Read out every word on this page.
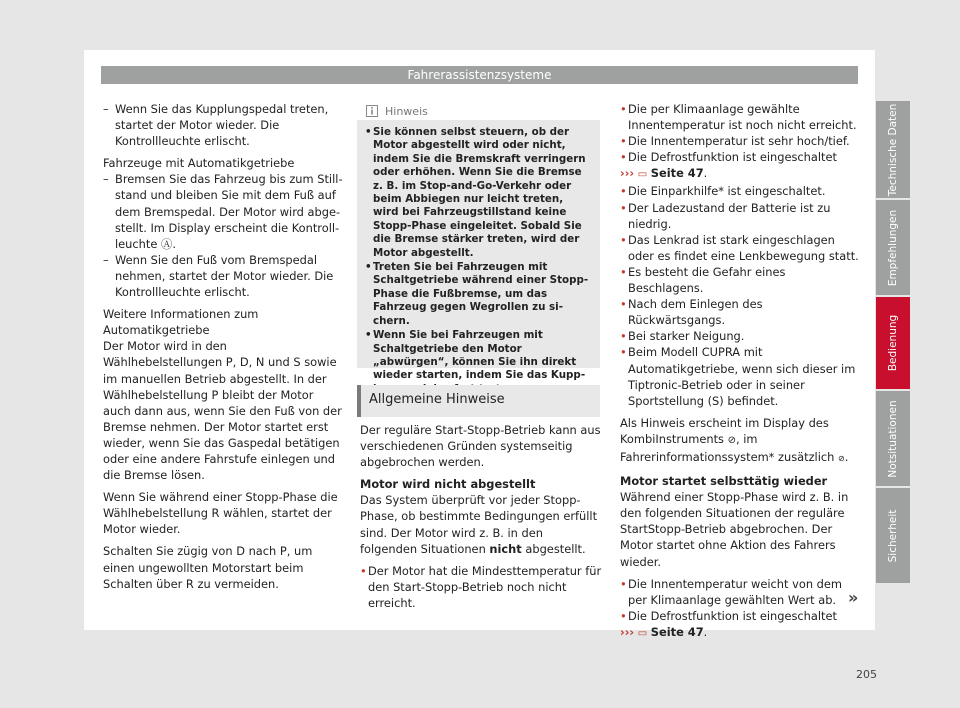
Fahrerassistenzsysteme

– Wenn Sie das Kupplungspedal treten, startet der Motor wieder. Die Kontrollleuchte erlischt.

Fahrzeuge mit Automatikgetriebe

– Bremsen Sie das Fahrzeug bis zum Stillstand und bleiben Sie mit dem Fuß auf dem Bremspedal. Der Motor wird abgestellt. Im Display erscheint die Kontrollleuchte Ⓐ.

– Wenn Sie den Fuß vom Bremspedal nehmen, startet der Motor wieder. Die Kontrollleuchte erlischt.

Weitere Informationen zum Automatikgetriebe

Der Motor wird in den Wählhebelstellungen P, D, N und S sowie im manuellen Betrieb abgestellt. In der Wählhebelstellung P bleibt der Motor auch dann aus, wenn Sie den Fuß von der Bremse nehmen. Der Motor startet erst wieder, wenn Sie das Gaspedal betätigen oder eine andere Fahrstufe einlegen und die Bremse lösen.

Wenn Sie während einer Stopp-Phase die Wählhebelstellung R wählen, startet der Motor wieder.

Schalten Sie zügig von D nach P, um einen ungewollten Motorstart beim Schalten über R zu vermeiden.

Hinweis

• Sie können selbst steuern, ob der Motor abgestellt wird oder nicht, indem Sie die Bremskraft verringern oder erhöhen. Wenn Sie die Bremse z. B. im Stop-and-Go-Verkehr oder beim Abbiegen nur leicht treten, wird bei Fahrzeugstillstand keine Stopp-Phase eingeleitet. Sobald Sie die Bremse stärker treten, wird der Motor abgestellt.

• Treten Sie bei Fahrzeugen mit Schaltgetriebe während einer Stopp-Phase die Fußbremse, um das Fahrzeug gegen Wegrollen zu sichern.

• Wenn Sie bei Fahrzeugen mit Schaltgetriebe den Motor „abwürgen“, können Sie ihn direkt wieder starten, indem Sie das Kupp

Allgemeine Hinweise

Der reguläre Start-Stopp-Betrieb kann aus verschiedenen Gründen systemseitig abgebrochen werden.

Motor wird nicht abgestellt

Das System überprüft vor jeder Stopp-Phase, ob bestimmte Bedingungen erfüllt sind. Der Motor wird z. B. in den folgenden Situationen nicht abgestellt.

• Der Motor hat die Mindesttemperatur für den Start-Stopp-Betrieb noch nicht erreicht.

• Die per Klimaanlage gewählte Innentemperatur ist noch nicht erreicht.

• Die Innentemperatur ist sehr hoch/tief.

• Die Defrostfunktion ist eingeschaltet

››› ▭ Seite 47.

• Die Einparkhilfe* ist eingeschaltet.

• Der Ladezustand der Batterie ist zu niedrig.

• Das Lenkrad ist stark eingeschlagen oder es findet eine Lenkbewegung statt.

• Es besteht die Gefahr eines Beschlagens.

• Nach dem Einlegen des Rückwärtsgangs.

• Bei starker Neigung.

• Beim Modell CUPRA mit Automatikgetriebe, wenn sich dieser im Tiptronic-Betrieb oder in seiner Sportstellung (S) befindet.

Als Hinweis erscheint im Display des KombiInstruments ⊘, im Fahrerinformationssystem* zusätzlich ⊘.

Motor startet selbsttätig wieder

Während einer Stopp-Phase wird z. B. in den folgenden Situationen der reguläre StartStopp-Betrieb abgebrochen. Der Motor startet ohne Aktion des Fahrers wieder.

• Die Innentemperatur weicht von dem per Klimaanlage gewählten Wert ab.

• Die Defrostfunktion ist eingeschaltet

››› ▭ Seite 47.

»
Technische Daten
Empfehlungen
Bedienung
Notsituationen
Sicherheit
205
